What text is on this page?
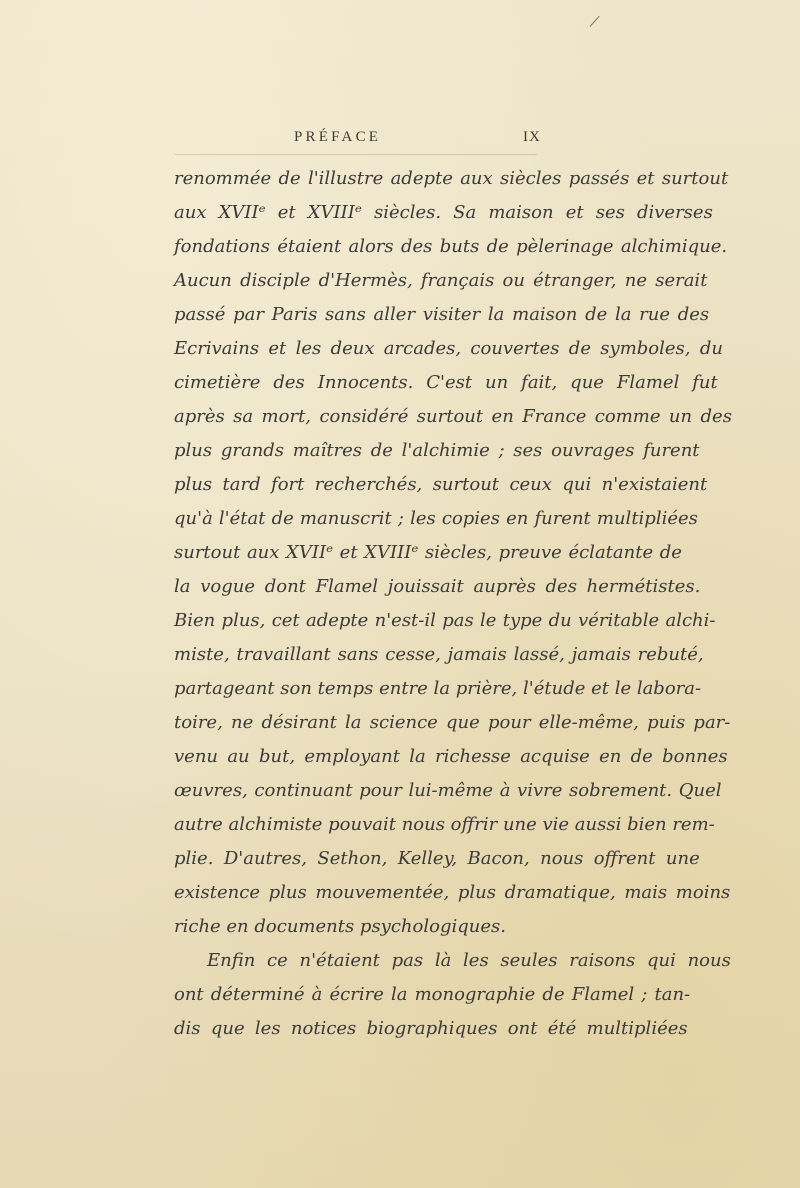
PRÉFACE	IX
renommée de l'illustre adepte aux siècles passés et surtout
aux XVIIᵉ et XVIIIᵉ siècles. Sa maison et ses diverses
fondations étaient alors des buts de pèlerinage alchimique.
Aucun disciple d'Hermès, français ou étranger, ne serait
passé par Paris sans aller visiter la maison de la rue des
Ecrivains et les deux arcades, couvertes de symboles, du
cimetière des Innocents. C'est un fait, que Flamel fut
après sa mort, considéré surtout en France comme un des
plus grands maîtres de l'alchimie ; ses ouvrages furent
plus tard fort recherchés, surtout ceux qui n'existaient
qu'à l'état de manuscrit ; les copies en furent multipliées
surtout aux XVIIᵉ et XVIIIᵉ siècles, preuve éclatante de
la vogue dont Flamel jouissait auprès des hermétistes.
Bien plus, cet adepte n'est-il pas le type du véritable alchi-
miste, travaillant sans cesse, jamais lassé, jamais rebuté,
partageant son temps entre la prière, l'étude et le labora-
toire, ne désirant la science que pour elle-même, puis par-
venu au but, employant la richesse acquise en de bonnes
œuvres, continuant pour lui-même à vivre sobrement. Quel
autre alchimiste pouvait nous offrir une vie aussi bien rem-
plie. D'autres, Sethon, Kelley, Bacon, nous offrent une
existence plus mouvementée, plus dramatique, mais moins
riche en documents psychologiques.
Enfin ce n'étaient pas là les seules raisons qui nous
ont déterminé à écrire la monographie de Flamel ; tan-
dis que les notices biographiques ont été multipliées
